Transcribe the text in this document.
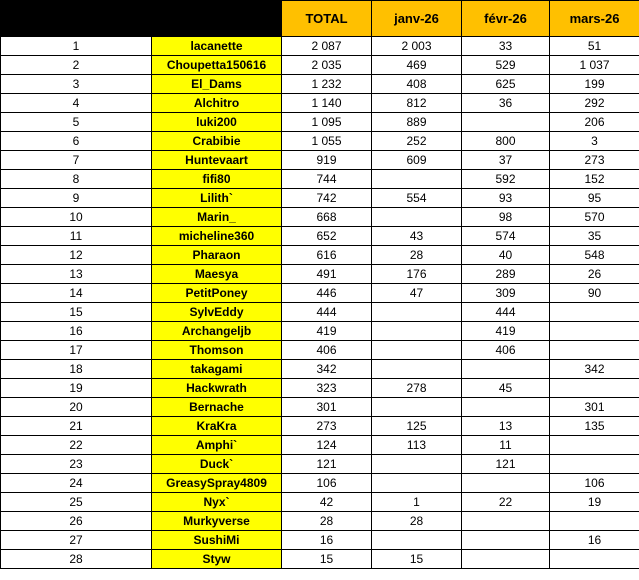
		TOTAL	janv-26	févr-26	mars-26
1	lacanette	2 087	2 003	33	51
2	Choupetta150616	2 035	469	529	1 037
3	El_Dams	1 232	408	625	199
4	Alchitro	1 140	812	36	292
5	luki200	1 095	889		206
6	Crabibie	1 055	252	800	3
7	Huntevaart	919	609	37	273
8	fifi80	744		592	152
9	Lilith`	742	554	93	95
10	Marin_	668		98	570
11	micheline360	652	43	574	35
12	Pharaon	616	28	40	548
13	Maesya	491	176	289	26
14	PetitPoney	446	47	309	90
15	SylvEddy	444		444	
16	Archangeljb	419		419	
17	Thomson	406		406	
18	takagami	342			342
19	Hackwrath	323	278	45	
20	Bernache	301			301
21	KraKra	273	125	13	135
22	Amphi`	124	113	11	
23	Duck`	121		121	
24	GreasySpray4809	106			106
25	Nyx`	42	1	22	19
26	Murkyverse	28	28		
27	SushiMi	16			16
28	Styw	15	15		
